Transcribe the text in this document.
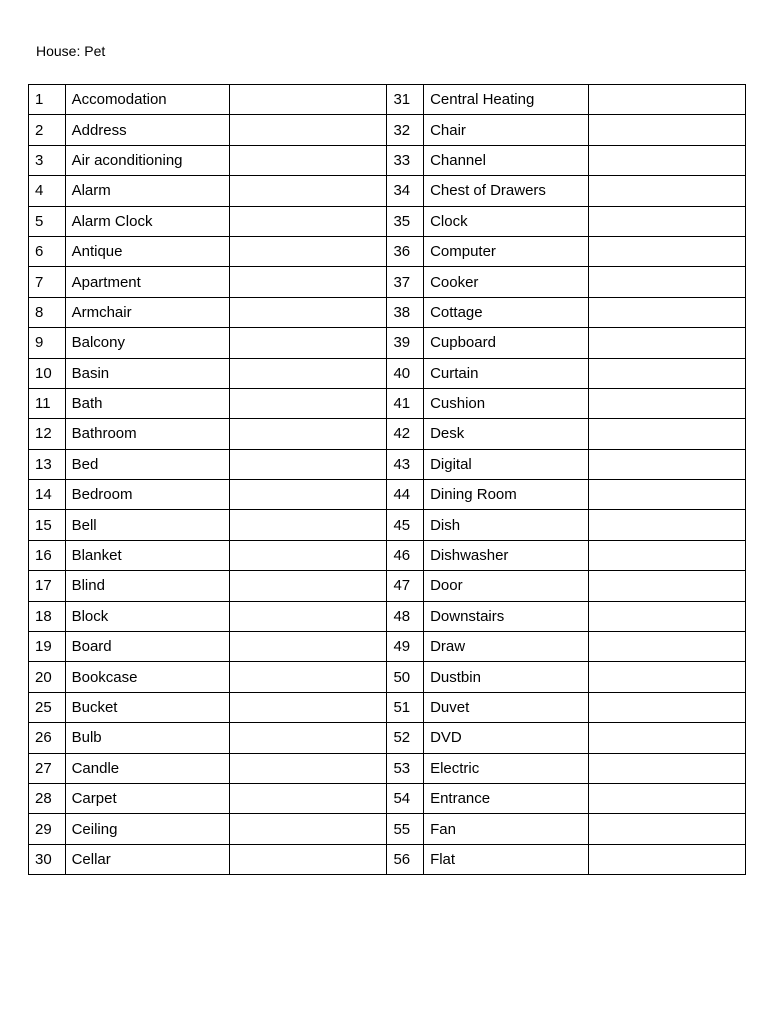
House: Pet
1	Accomodation		31	Central Heating	
2	Address		32	Chair	
3	Air aconditioning		33	Channel	
4	Alarm		34	Chest of Drawers	
5	Alarm Clock		35	Clock	
6	Antique		36	Computer	
7	Apartment		37	Cooker	
8	Armchair		38	Cottage	
9	Balcony		39	Cupboard	
10	Basin		40	Curtain	
11	Bath		41	Cushion	
12	Bathroom		42	Desk	
13	Bed		43	Digital	
14	Bedroom		44	Dining Room	
15	Bell		45	Dish	
16	Blanket		46	Dishwasher	
17	Blind		47	Door	
18	Block		48	Downstairs	
19	Board		49	Draw	
20	Bookcase		50	Dustbin	
25	Bucket		51	Duvet	
26	Bulb		52	DVD	
27	Candle		53	Electric	
28	Carpet		54	Entrance	
29	Ceiling		55	Fan	
30	Cellar		56	Flat	
